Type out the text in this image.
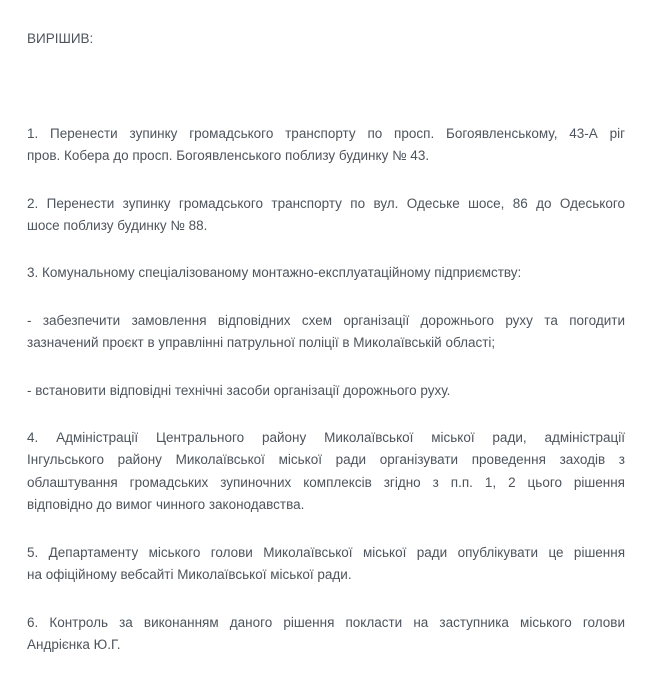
ВИРІШИВ:

1. Перенести зупинку громадського транспорту по просп. Богоявленському, 43-А ріг
пров. Кобера до просп. Богоявленського поблизу будинку № 43.

2. Перенести зупинку громадського транспорту по вул. Одеське шосе, 86 до Одеського
шосе поблизу будинку № 88.

3. Комунальному спеціалізованому монтажно-експлуатаційному підприємству:

- забезпечити замовлення відповідних схем організації дорожнього руху та погодити
зазначений проєкт в управлінні патрульної поліції в Миколаївській області;

- встановити відповідні технічні засоби організації дорожнього руху.

4. Адміністрації Центрального району Миколаївської міської ради, адміністрації
Інгульського району Миколаївської міської ради організувати проведення заходів з
облаштування громадських зупиночних комплексів згідно з п.п. 1, 2 цього рішення
відповідно до вимог чинного законодавства.

5. Департаменту міського голови Миколаївської міської ради опублікувати це рішення
на офіційному вебсайті Миколаївської міської ради.

6. Контроль за виконанням даного рішення покласти на заступника міського голови
Андрієнка Ю.Г.
